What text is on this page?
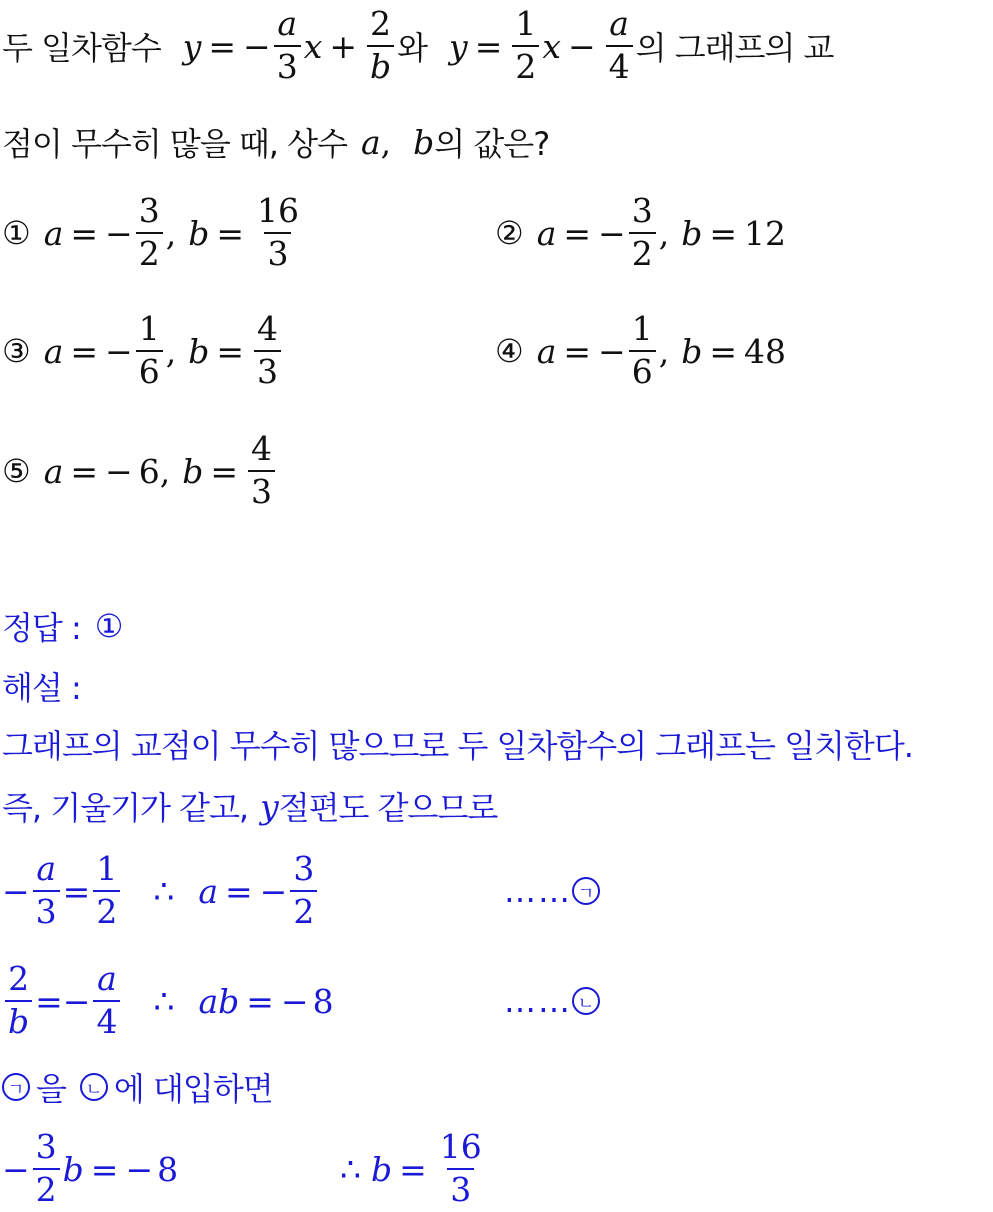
두 일차함수 y = − $\frac{a}{3}$ $x + \frac{2}{b}$ 와 $y = \frac{1}{2}$ $x - \frac{a}{4}$ 의 그래프의 교
점이 무수히 많을 때, 상수 a , b 의 값은?
① a = − $\frac{3}{2}$ , $b = \frac{16}{3}$	② a = − $\frac{3}{2}$ , b = 12
③ a = − $\frac{1}{6}$ , $b = \frac{4}{3}$	④ a = − $\frac{1}{6}$ , b = 48
⑤ a = − 6 , $b = \frac{4}{3}$
정답 : ①
해설 :
그래프의 교점이 무수히 많으므로 두 일차함수의 그래프는 일치한다.
즉, 기울기가 같고, y 절편도 같으므로
− $\frac{a}{3} = \frac{1}{2}$ ∴ a = − $\frac{3}{2}$	…… ㄱ
$\frac{2}{b}$ = − $\frac{a}{4}$ ∴ ab = − 8	…… ㄴ
ㄱ 을	ㄴ 에 대입하면
− $\frac{3}{2}$ b = − 8	∴ $b = \frac{16}{3}$
